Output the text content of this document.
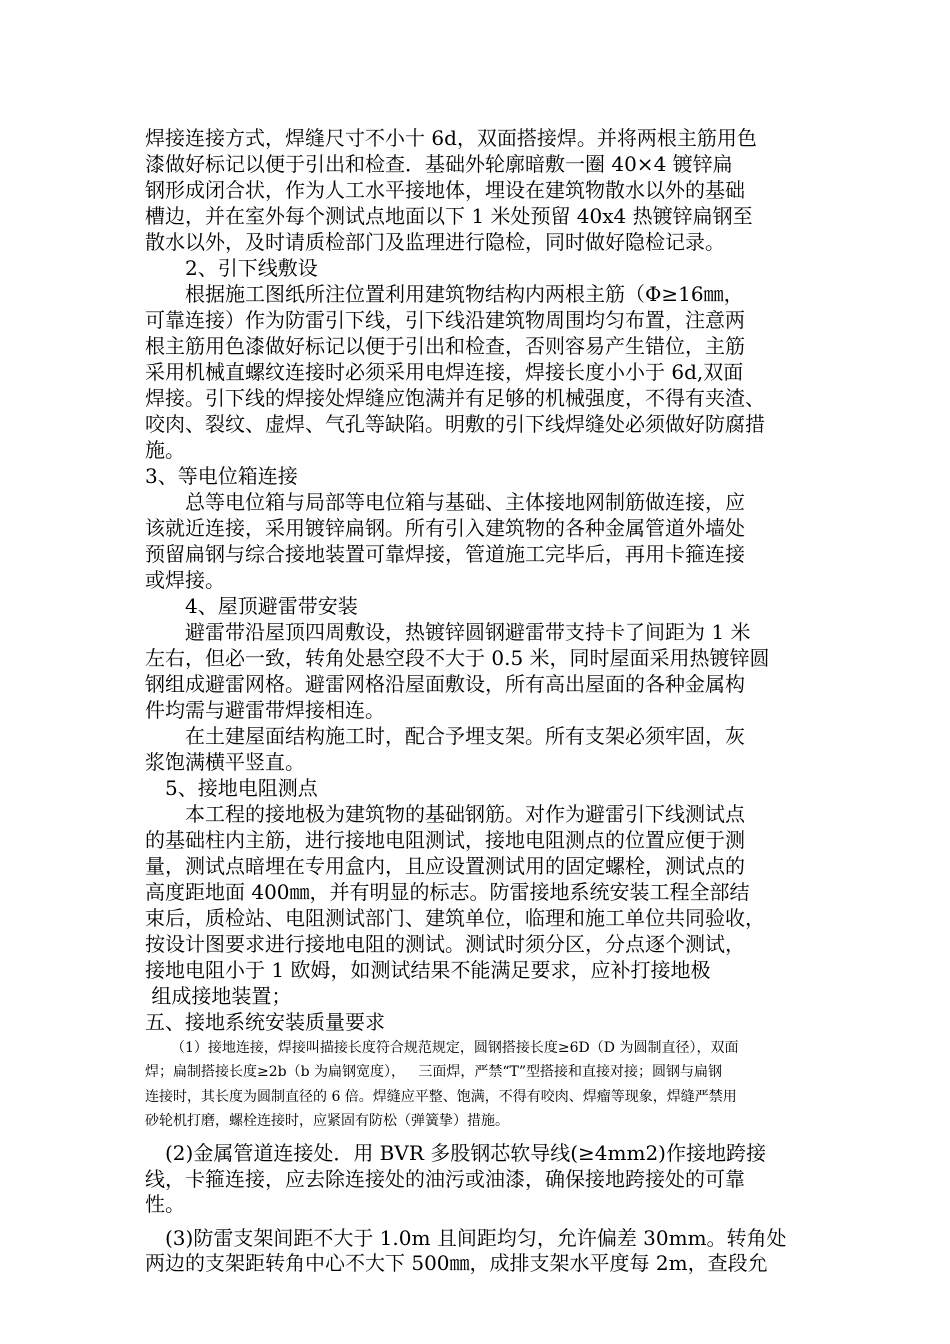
焊接连接方式，焊缝尺寸不小十 6d，双面搭接焊。并将两根主筋用色
漆做好标记以便于引出和检查．基础外轮廓暗敷一圈 40×4 镀锌扁
钢形成闭合状，作为人工水平接地体，埋设在建筑物散水以外的基础
槽边，并在室外每个测试点地面以下 1 米处预留 40x4 热镀锌扁钢至
散水以外，及时请质检部门及监理进行隐检，同时做好隐检记录。
2、引下线敷设
根据施工图纸所注位置利用建筑物结构内两根主筋（Φ≥16㎜，
可靠连接）作为防雷引下线，引下线沿建筑物周围均匀布置，注意两
根主筋用色漆做好标记以便于引出和检查，否则容易产生错位，主筋
采用机械直螺纹连接时必须采用电焊连接，焊接长度小小于 6d,双面
焊接。引下线的焊接处焊缝应饱满并有足够的机械强度，不得有夹渣、
咬肉、裂纹、虚焊、气孔等缺陷。明敷的引下线焊缝处必须做好防腐措
施。
3、等电位箱连接
总等电位箱与局部等电位箱与基础、主体接地网制筋做连接，应
该就近连接，采用镀锌扁钢。所有引入建筑物的各种金属管道外墙处
预留扁钢与综合接地装置可靠焊接，管道施工完毕后，再用卡箍连接
或焊接。
4、屋顶避雷带安装
避雷带沿屋顶四周敷设，热镀锌圆钢避雷带支持卡了间距为 1 米
左右，但必一致，转角处悬空段不大于 0.5 米，同时屋面采用热镀锌圆
钢组成避雷网格。避雷网格沿屋面敷设，所有高出屋面的各种金属构
件均需与避雷带焊接相连。
在土建屋面结构施工时，配合予埋支架。所有支架必须牢固，灰
浆饱满横平竖直。
5、接地电阻测点
本工程的接地极为建筑物的基础钢筋。对作为避雷引下线测试点
的基础柱内主筋，进行接地电阻测试，接地电阻测点的位置应便于测
量，测试点暗埋在专用盒内，且应设置测试用的固定螺栓，测试点的
高度距地面 400㎜，并有明显的标志。防雷接地系统安装工程全部结
束后，质检站、电阻测试部门、建筑单位，临理和施工单位共同验收，
按设计图要求进行接地电阻的测试。测试时须分区，分点逐个测试，
接地电阻小于 1 欧姆，如测试结果不能满足要求，应补打接地极
组成接地装置；
五、接地系统安装质量要求
（1）接地连接，焊接叫描接长度符合规范规定，圆钢搭接长度≥6D（D 为圆制直径），双面
焊；扁制搭接长度≥2b（b 为扁钢宽度），   三面焊，严禁“T”型搭接和直接对接；圆钢与扁钢
连接时，其长度为圆制直径的 6 倍。焊缝应平整、饱满，不得有咬肉、焊瘤等现象，焊缝严禁用
砂轮机打磨，螺栓连接时，应紧固有防松（弹簧挚）措施。
(2)金属管道连接处．用 BVR 多股钢芯软导线(≥4mm2)作接地跨接
线，卡箍连接，应去除连接处的油污或油漆，确保接地跨接处的可靠
性。
(3)防雷支架间距不大于 1.0m 且间距均匀，允许偏差 30mm。转角处
两边的支架距转角中心不大下 500㎜，成排支架水平度每 2m，查段允
